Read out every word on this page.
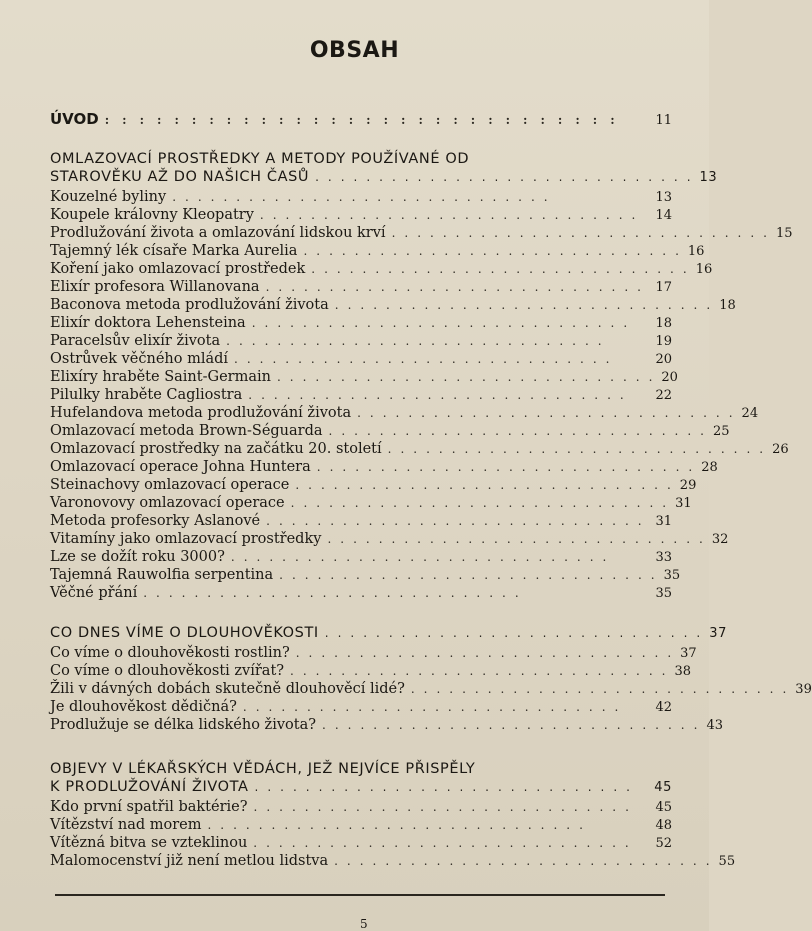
OBSAH
ÚVOD ::::::::::::::::::::::::::::::	11
OMLAZOVACÍ PROSTŘEDKY A METODY POUŽÍVANÉ OD
STAROVĚKU AŽ DO NAŠICH ČASŮ .............................. 13
Kouzelné byliny ..............................	13
Koupele královny Kleopatry .............................. 14
Prodlužování života a omlazování lidskou krví .............................. 15
Tajemný lék císaře Marka Aurelia .............................. 16
Koření jako omlazovací prostředek .............................. 16
Elixír profesora Willanovana .............................. 17
Baconova metoda prodlužování života .............................. 18
Elixír doktora Lehensteina ..............................	18
Paracelsův elixír života ..............................	19
Ostrůvek věčného mládí ..............................	20
Elixíry hraběte Saint-Germain .............................. 20
Pilulky hraběte Cagliostra ..............................	22
Hufelandova metoda prodlužování života .............................. 24
Omlazovací metoda Brown-Séguarda .............................. 25
Omlazovací prostředky na začátku 20. století .............................. 26
Omlazovací operace Johna Huntera .............................. 28
Steinachovy omlazovací operace .............................. 29
Varonovovy omlazovací operace .............................. 31
Metoda profesorky Aslanové .............................. 31
Vitamíny jako omlazovací prostředky .............................. 32
Lze se dožít roku 3000? ..............................	33
Tajemná Rauwolfia serpentina .............................. 35
Věčné přání ..............................	35
CO DNES VÍME O DLOUHOVĚKOSTI .............................. 37
Co víme o dlouhověkosti rostlin? .............................. 37
Co víme o dlouhověkosti zvířat? .............................. 38
Žili v dávných dobách skutečně dlouhověcí lidé? .............................. 39
Je dlouhověkost dědičná? ..............................	42
Prodlužuje se délka lidského života? .............................. 43
OBJEVY V LÉKAŘSKÝCH VĚDÁCH, JEŽ NEJVÍCE PŘISPĚLY
K PRODLUŽOVÁNÍ ŽIVOTA ..............................	45
Kdo první spatřil baktérie? ..............................	45
Vítězství nad morem ..............................	48
Vítězná bitva se vzteklinou ..............................	52
Malomocenství již není metlou lidstva .............................. 55
5
